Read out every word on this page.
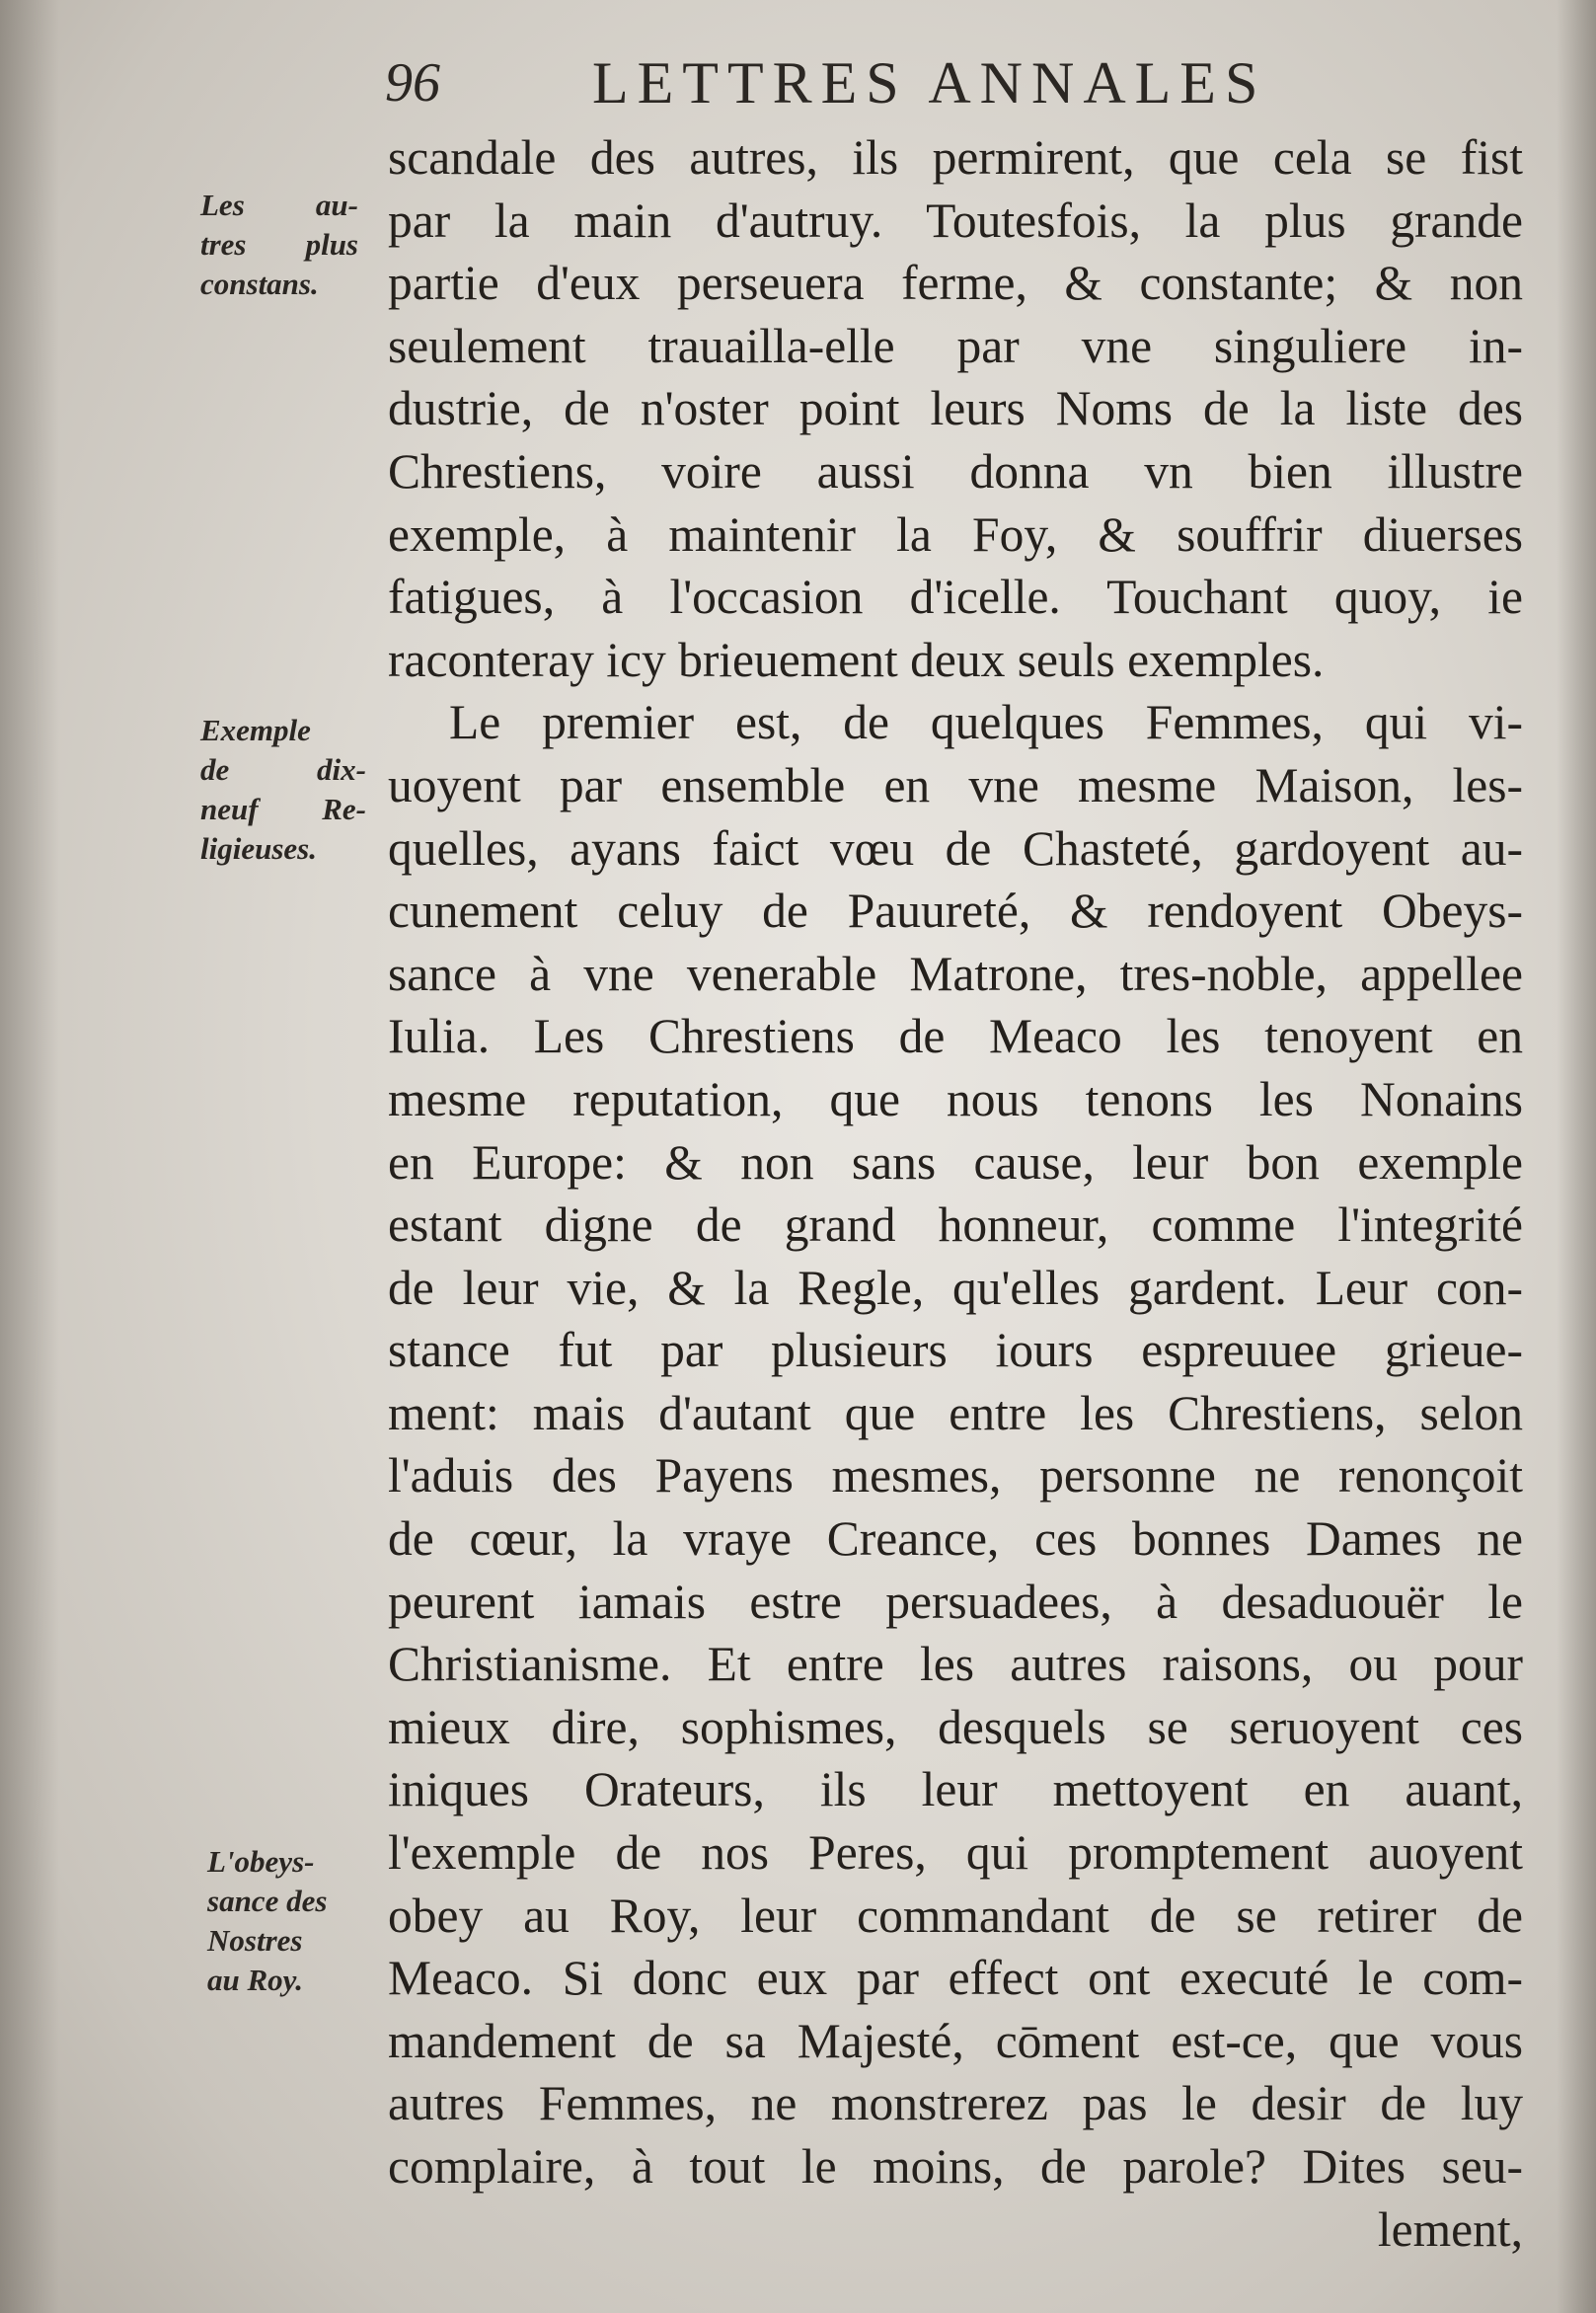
96	LETTRES ANNALES
Les au-
tres plus
constans.
Exemple
de dix-
neuf Re-
ligieuses.
L'obeys-
sance des
Nostres
au Roy.
scandale des autres, ils permirent, que cela se fist
par la main d'autruy. Toutesfois, la plus grande
partie d'eux perseuera ferme, & constante; & non
seulement trauailla-elle par vne singuliere in-
dustrie, de n'oster point leurs Noms de la liste des
Chrestiens, voire aussi donna vn bien illustre
exemple, à maintenir la Foy, & souffrir diuerses
fatigues, à l'occasion d'icelle. Touchant quoy, ie
raconteray icy brieuement deux seuls exemples.
Le premier est, de quelques Femmes, qui vi-
uoyent par ensemble en vne mesme Maison, les-
quelles, ayans faict vœu de Chasteté, gardoyent au-
cunement celuy de Pauureté, & rendoyent Obeys-
sance à vne venerable Matrone, tres-noble, appellee
Iulia. Les Chrestiens de Meaco les tenoyent en
mesme reputation, que nous tenons les Nonains
en Europe: & non sans cause, leur bon exemple
estant digne de grand honneur, comme l'integrité
de leur vie, & la Regle, qu'elles gardent. Leur con-
stance fut par plusieurs iours espreuuee grieue-
ment: mais d'autant que entre les Chrestiens, selon
l'aduis des Payens mesmes, personne ne renonçoit
de cœur, la vraye Creance, ces bonnes Dames ne
peurent iamais estre persuadees, à desaduouër le
Christianisme. Et entre les autres raisons, ou pour
mieux dire, sophismes, desquels se seruoyent ces
iniques Orateurs, ils leur mettoyent en auant,
l'exemple de nos Peres, qui promptement auoyent
obey au Roy, leur commandant de se retirer de
Meaco. Si donc eux par effect ont executé le com-
mandement de sa Majesté, cōment est-ce, que vous
autres Femmes, ne monstrerez pas le desir de luy
complaire, à tout le moins, de parole? Dites seu-
lement,
